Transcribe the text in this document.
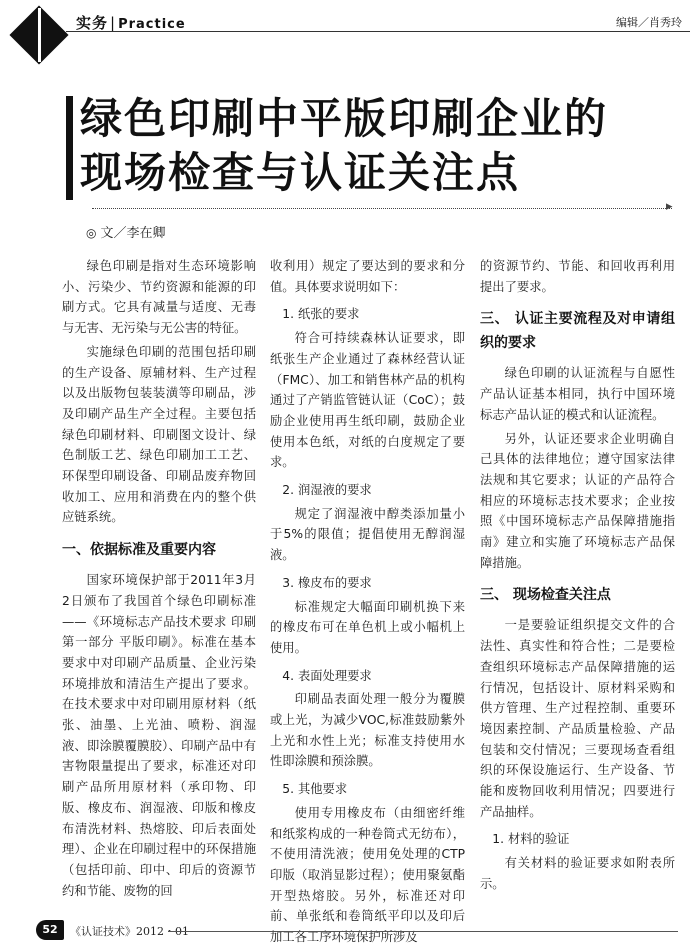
实务 | Practice	编辑／肖秀玲
绿色印刷中平版印刷企业的
现场检查与认证关注点
▸
◎ 文／李在卿

绿色印刷是指对生态环境影响小、污染少、节约资源和能源的印刷方式。它具有减量与适度、无毒与无害、无污染与无公害的特征。

实施绿色印刷的范围包括印刷的生产设备、原辅材料、生产过程以及出版物包装装潢等印刷品，涉及印刷产品生产全过程。主要包括绿色印刷材料、印刷图文设计、绿色制版工艺、绿色印刷加工工艺、环保型印刷设备、印刷品废弃物回收加工、应用和消费在内的整个供应链系统。

一、依据标准及重要内容

国家环境保护部于2011年3月2日颁布了我国首个绿色印刷标准——《环境标志产品技术要求 印刷 第一部分 平版印刷》。标准在基本要求中对印刷产品质量、企业污染环境排放和清洁生产提出了要求。在技术要求中对印刷用原材料（纸张、油墨、上光油、喷粉、润湿液、即涂膜覆膜胶）、印刷产品中有害物限量提出了要求，标准还对印刷产品所用原材料（承印物、印版、橡皮布、润湿液、印版和橡皮布清洗材料、热熔胶、印后表面处理）、企业在印刷过程中的环保措施（包括印前、印中、印后的资源节约和节能、废物的回

收利用）规定了要达到的要求和分值。具体要求说明如下：

1. 纸张的要求

符合可持续森林认证要求，即纸张生产企业通过了森林经营认证（FMC）、加工和销售林产品的机构通过了产销监管链认证（CoC）；鼓励企业使用再生纸印刷，鼓励企业使用本色纸，对纸的白度规定了要求。

2. 润湿液的要求

规定了润湿液中醇类添加量小于5%的限值；提倡使用无醇润湿液。

3. 橡皮布的要求

标准规定大幅面印刷机换下来的橡皮布可在单色机上或小幅机上使用。

4. 表面处理要求

印刷品表面处理一般分为覆膜或上光，为减少VOC,标准鼓励紫外上光和水性上光；标准支持使用水性即涂膜和预涂膜。

5. 其他要求

使用专用橡皮布（由细密纤维和纸浆构成的一种卷筒式无纺布），不使用清洗液；使用免处理的CTP印版（取消显影过程）；使用聚氨酯开型热熔胶。另外，标准还对印前、单张纸和卷筒纸平印以及印后加工各工序环境保护所涉及

的资源节约、节能、和回收再利用提出了要求。

三、 认证主要流程及对申请组织的要求

绿色印刷的认证流程与自愿性产品认证基本相同，执行中国环境标志产品认证的模式和认证流程。

另外，认证还要求企业明确自己具体的法律地位；遵守国家法律法规和其它要求；认证的产品符合相应的环境标志技术要求；企业按照《中国环境标志产品保障措施指南》建立和实施了环境标志产品保障措施。

三、 现场检查关注点

一是要验证组织提交文件的合法性、真实性和符合性；二是要检查组织环境标志产品保障措施的运行情况，包括设计、原材料采购和供方管理、生产过程控制、重要环境因素控制、产品质量检验、产品包装和交付情况；三要现场查看组织的环保设施运行、生产设备、节能和废物回收利用情况；四要进行产品抽样。

1. 材料的验证

有关材料的验证要求如附表所示。

52	《认证技术》2012・01
